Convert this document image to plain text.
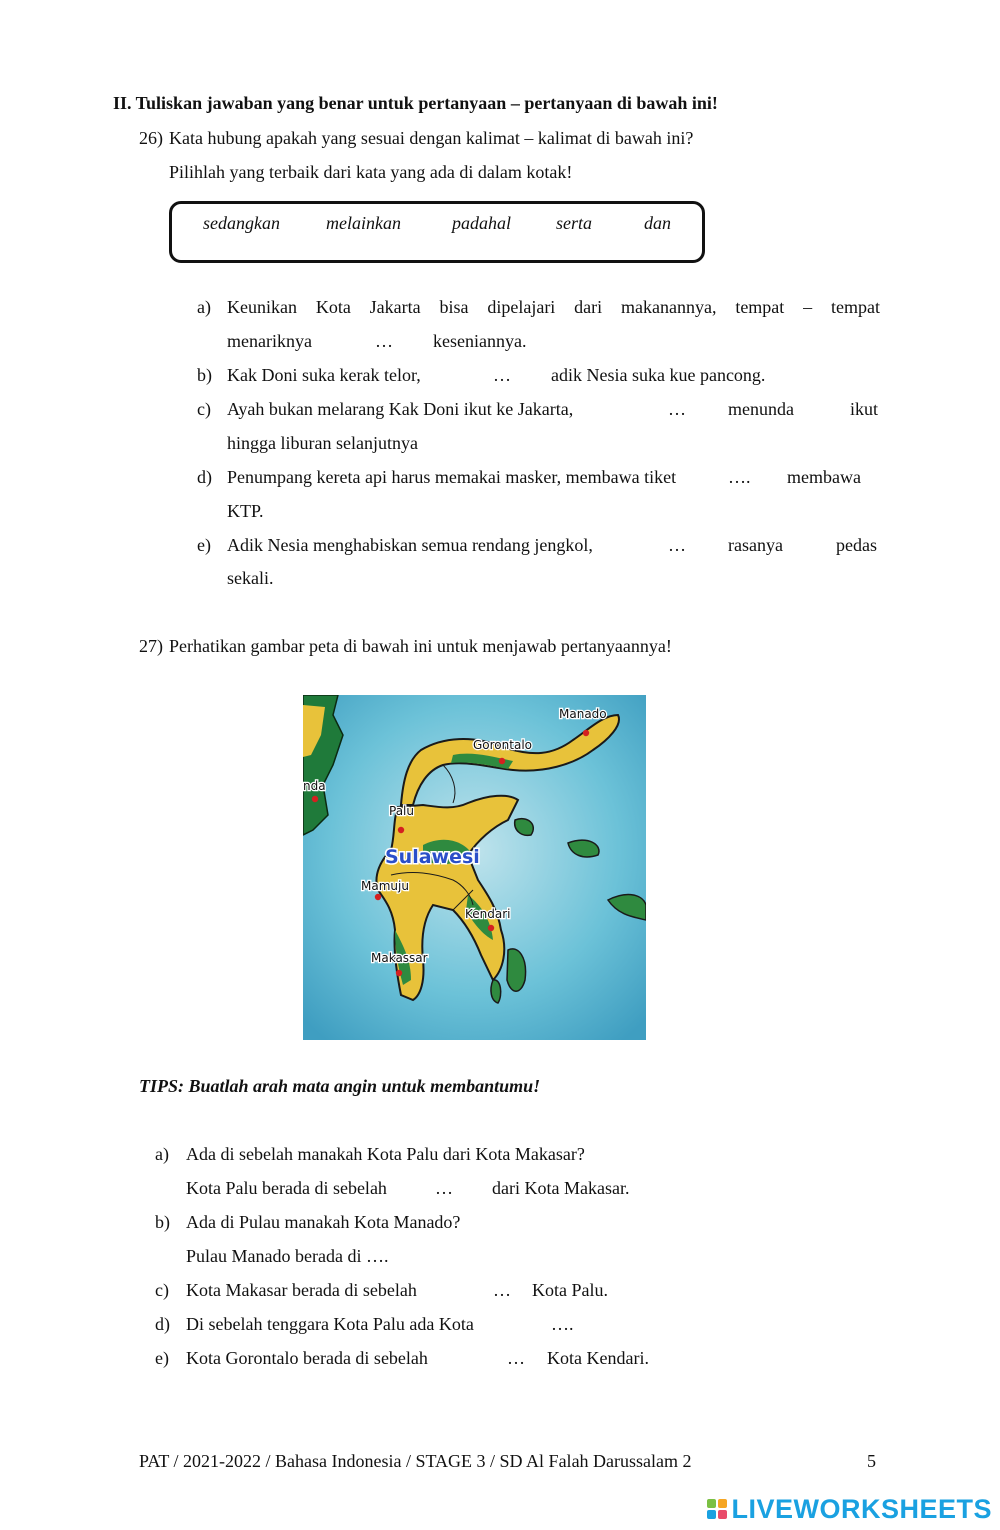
II. Tuliskan jawaban yang benar untuk pertanyaan – pertanyaan di bawah ini!
26) Kata hubung apakah yang sesuai dengan kalimat – kalimat di bawah ini?
Pilihlah yang terbaik dari kata yang ada di dalam kotak!
sedangkan	melainkan	padahal serta	dan
a) Keunikan Kota Jakarta bisa dipelajari dari makanannya, tempat – tempat
menariknya	… keseniannya.
b) Kak Doni suka kerak telor,	… adik Nesia suka kue pancong.
c) Ayah bukan melarang Kak Doni ikut ke Jakarta,	… menunda	ikut
hingga liburan selanjutnya
d) Penumpang kereta api harus memakai masker, membawa tiket	…. membawa
KTP.
e) Adik Nesia menghabiskan semua rendang jengkol,	… rasanya	pedas
sekali.
27) Perhatikan gambar peta di bawah ini untuk menjawab pertanyaannya!
Manado
Gorontalo
Palu
Mamuju
Kendari
Makassar
nda
Sulawesi
TIPS: Buatlah arah mata angin untuk membantumu!
a) Ada di sebelah manakah Kota Palu dari Kota Makasar?
Kota Palu berada di sebelah	… dari Kota Makasar.
b) Ada di Pulau manakah Kota Manado?
Pulau Manado berada di ….
c) Kota Makasar berada di sebelah	… Kota Palu.
d) Di sebelah tenggara Kota Palu ada Kota	….
e) Kota Gorontalo berada di sebelah	… Kota Kendari.
PAT / 2021-2022 / Bahasa Indonesia / STAGE 3 / SD Al Falah Darussalam 2	5
LIVEWORKSHEETS
